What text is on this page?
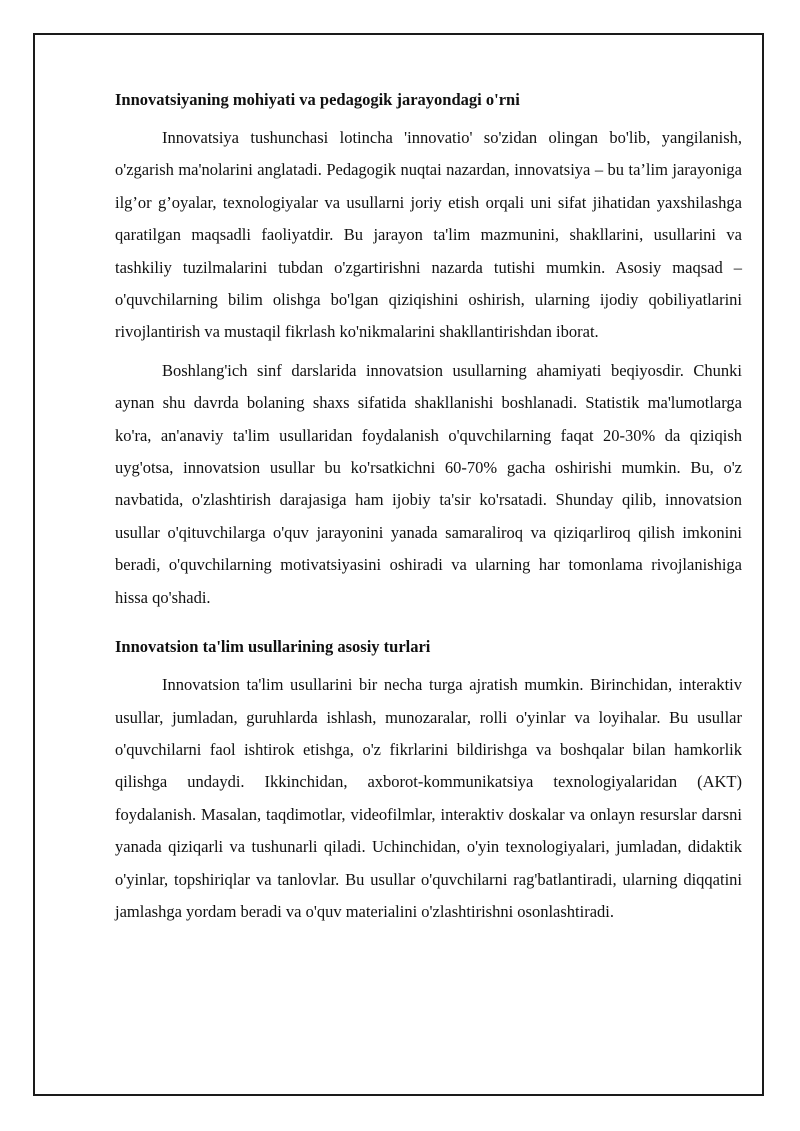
Innovatsiyaning mohiyati va pedagogik jarayondagi o'rni

Innovatsiya tushunchasi lotincha 'innovatio' so'zidan olingan bo'lib, yangilanish, o'zgarish ma'nolarini anglatadi. Pedagogik nuqtai nazardan, innovatsiya – bu ta’lim jarayoniga ilg’or g’oyalar, texnologiyalar va usullarni joriy etish orqali uni sifat jihatidan yaxshilashga qaratilgan maqsadli faoliyatdir. Bu jarayon ta'lim mazmunini, shakllarini, usullarini va tashkiliy tuzilmalarini tubdan o'zgartirishni nazarda tutishi mumkin. Asosiy maqsad – o'quvchilarning bilim olishga bo'lgan qiziqishini oshirish, ularning ijodiy qobiliyatlarini rivojlantirish va mustaqil fikrlash ko'nikmalarini shakllantirishdan iborat.

Boshlang'ich sinf darslarida innovatsion usullarning ahamiyati beqiyosdir. Chunki aynan shu davrda bolaning shaxs sifatida shakllanishi boshlanadi. Statistik ma'lumotlarga ko'ra, an'anaviy ta'lim usullaridan foydalanish o'quvchilarning faqat 20-30% da qiziqish uyg'otsa, innovatsion usullar bu ko'rsatkichni 60-70% gacha oshirishi mumkin. Bu, o'z navbatida, o'zlashtirish darajasiga ham ijobiy ta'sir ko'rsatadi. Shunday qilib, innovatsion usullar o'qituvchilarga o'quv jarayonini yanada samaraliroq va qiziqarliroq qilish imkonini beradi, o'quvchilarning motivatsiyasini oshiradi va ularning har tomonlama rivojlanishiga hissa qo'shadi.

Innovatsion ta'lim usullarining asosiy turlari

Innovatsion ta'lim usullarini bir necha turga ajratish mumkin. Birinchidan, interaktiv usullar, jumladan, guruhlarda ishlash, munozaralar, rolli o'yinlar va loyihalar. Bu usullar o'quvchilarni faol ishtirok etishga, o'z fikrlarini bildirishga va boshqalar bilan hamkorlik qilishga undaydi. Ikkinchidan, axborot-kommunikatsiya texnologiyalaridan (AKT) foydalanish. Masalan, taqdimotlar, videofilmlar, interaktiv doskalar va onlayn resurslar darsni yanada qiziqarli va tushunarli qiladi. Uchinchidan, o'yin texnologiyalari, jumladan, didaktik o'yinlar, topshiriqlar va tanlovlar. Bu usullar o'quvchilarni rag'batlantiradi, ularning diqqatini jamlashga yordam beradi va o'quv materialini o'zlashtirishni osonlashtiradi.
